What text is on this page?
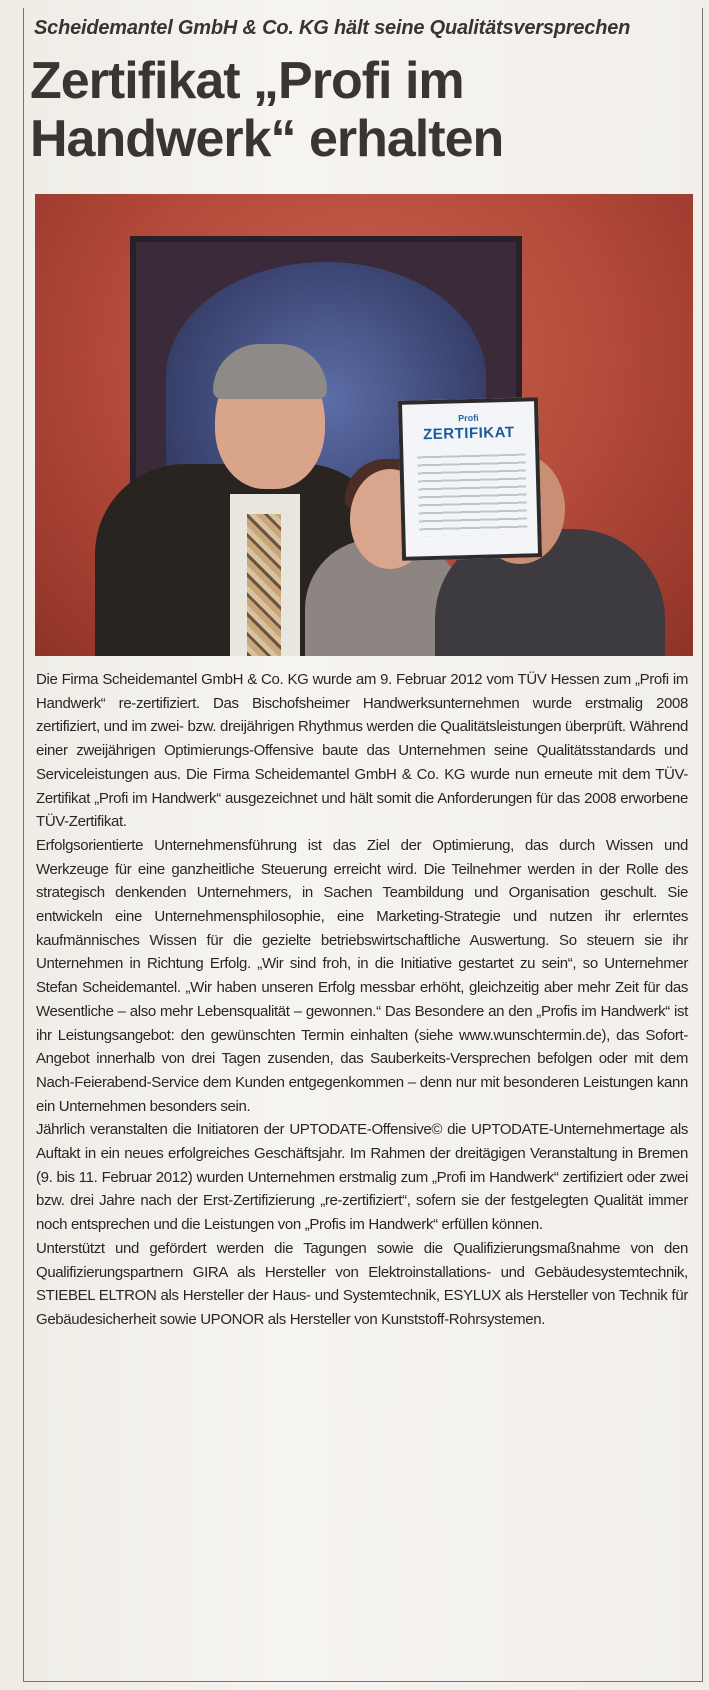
Scheidemantel GmbH & Co. KG hält seine Qualitätsversprechen
Zertifikat „Profi im
Handwerk“ erhalten
Profi
ZERTIFIKAT

Die Firma Scheidemantel GmbH & Co. KG wurde am 9. Februar 2012 vom TÜV Hessen zum „Profi im Handwerk“ re-zertifiziert. Das Bischofsheimer Handwerksunternehmen wurde erstmalig 2008 zertifiziert, und im zwei- bzw. dreijährigen Rhythmus werden die Qualitätsleistungen überprüft. Während einer zweijährigen Optimierungs-Offensive baute das Unternehmen seine Qualitätsstandards und Serviceleistungen aus. Die Firma Scheidemantel GmbH & Co. KG wurde nun erneute mit dem TÜV-Zertifikat „Profi im Handwerk“ ausgezeichnet und hält somit die Anforderungen für das 2008 erworbene TÜV-Zertifikat.

Erfolgsorientierte Unternehmensführung ist das Ziel der Optimierung, das durch Wissen und Werkzeuge für eine ganzheitliche Steuerung erreicht wird. Die Teilnehmer werden in der Rolle des strategisch denkenden Unternehmers, in Sachen Teambildung und Organisation geschult. Sie entwickeln eine Unternehmensphilosophie, eine Marketing-Strategie und nutzen ihr erlerntes kaufmännisches Wissen für die gezielte betriebswirtschaftliche Auswertung. So steuern sie ihr Unternehmen in Richtung Erfolg. „Wir sind froh, in die Initiative gestartet zu sein“, so Unternehmer Stefan Scheidemantel. „Wir haben unseren Erfolg messbar erhöht, gleichzeitig aber mehr Zeit für das Wesentliche – also mehr Lebensqualität – gewonnen.“ Das Besondere an den „Profis im Handwerk“ ist ihr Leistungsangebot: den gewünschten Termin einhalten (siehe www.wunschtermin.de), das Sofort-Angebot innerhalb von drei Tagen zusenden, das Sauberkeits-Versprechen befolgen oder mit dem Nach-Feierabend-Service dem Kunden entgegenkommen – denn nur mit besonderen Leistungen kann ein Unternehmen besonders sein.

Jährlich veranstalten die Initiatoren der UPTODATE-Offensive© die UPTODATE-Unternehmertage als Auftakt in ein neues erfolgreiches Geschäftsjahr. Im Rahmen der dreitägigen Veranstaltung in Bremen (9. bis 11. Februar 2012) wurden Unternehmen erstmalig zum „Profi im Handwerk“ zertifiziert oder zwei bzw. drei Jahre nach der Erst-Zertifizierung „re-zertifiziert“, sofern sie der festgelegten Qualität immer noch entsprechen und die Leistungen von „Profis im Handwerk“ erfüllen können.

Unterstützt und gefördert werden die Tagungen sowie die Qualifizierungsmaßnahme von den Qualifizierungspartnern GIRA als Hersteller von Elektroinstallations- und Gebäudesystemtechnik, STIEBEL ELTRON als Hersteller der Haus- und Systemtechnik, ESYLUX als Hersteller von Technik für Gebäudesicherheit sowie UPONOR als Hersteller von Kunststoff-Rohrsystemen.
